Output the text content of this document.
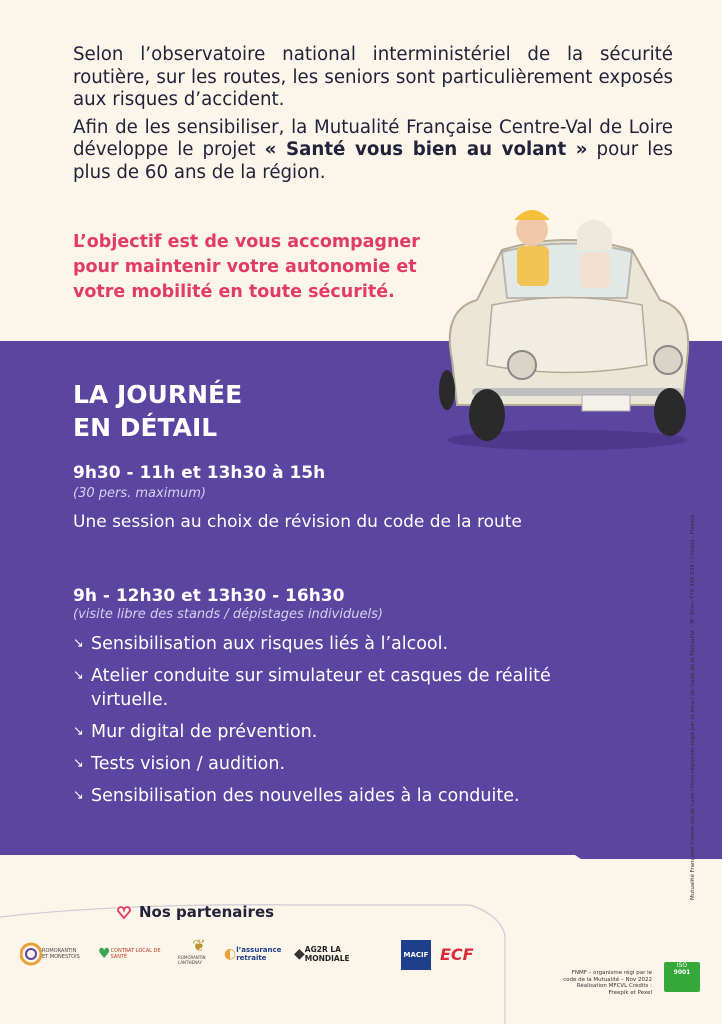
Selon l’observatoire national interministériel de la sécurité routière, sur les routes, les seniors sont particulièrement exposés aux risques d’accident.

Afin de les sensibiliser, la Mutualité Française Centre-Val de Loire développe le projet « Santé vous bien au volant » pour les plus de 60 ans de la région.

L’objectif est de vous accompagner pour maintenir votre autonomie et votre mobilité en toute sécurité.
LA JOURNÉE
EN DÉTAIL
9h30 - 11h et 13h30 à 15h
(30 pers. maximum)
Une session au choix de révision du code de la route
9h - 12h30 et 13h30 - 16h30
(visite libre des stands / dépistages individuels)
↘ Sensibilisation aux risques liés à l’alcool.
↘ Atelier conduite sur simulateur et casques de réalité virtuelle.
↘ Mur digital de prévention.
↘ Tests vision / audition.
↘ Sensibilisation des nouvelles aides à la conduite.	Mutualité Française Centre-Val de Loire Union régionale régie par le livre I du Code de la Mutualité – N° Siren 775 345 534 / Crédits : Freepik
Nos partenaires
ROMORANTIN ET MONESTOIS ♥ CONTRAT LOCAL DE SANTÉ
❦
ROMORANTIN LANTHENAY
◐ l’assurance retraite	◆ AG2R LA MONDIALE	MACIF ECF
FNMF – organisme régi par le code de la Mutualité – Nov 2022 Réalisation MFCVL Crédits : Freepik et Pexel
ISO
9001
